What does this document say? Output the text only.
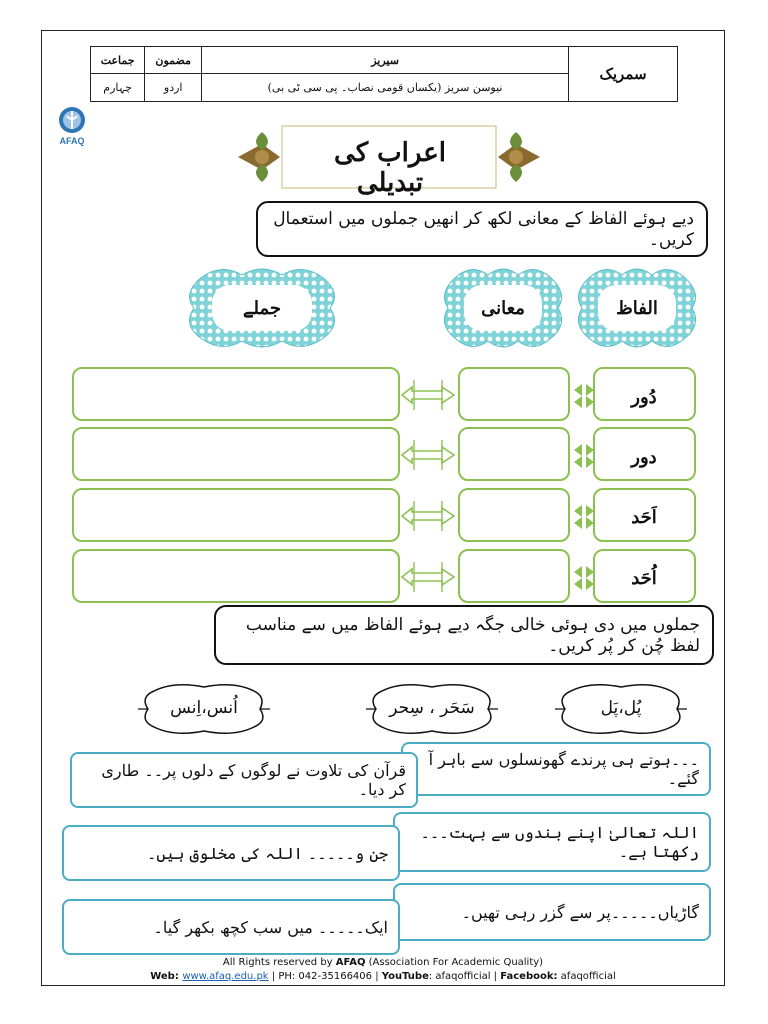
جماعت	مضمون	سیریز	سمریک
چہارم	اردو	نیوسن سریز (یکساں قومی نصاب۔ پی سی ٹی بی)	
AFAQ	اعراب کی تبدیلی
دیے ہوئے الفاظ کے معانی لکھ کر انھیں جملوں میں استعمال کریں۔
جملے	معانی	الفاظ
دُور
دور
اَحَد
اُحَد
جملوں میں دی ہوئی خالی جگہ دیے ہوئے الفاظ میں سے مناسب لفظ چُن کر پُر کریں۔
اُنس،اِنس	سَحَر ، سِحر	پُل،پَل
۔۔۔ہوتے ہی پرندے گھونسلوں سے باہر آ گئے۔
قرآن کی تلاوت نے لوگوں کے دلوں پر۔۔ طاری کر دیا۔
اللہ تعالیٰ اپنے بندوں سے بہت۔۔۔رکھتا ہے۔
جن و۔۔۔۔۔ اللہ کی مخلوق ہیں۔
گاڑیاں۔۔۔۔۔پر سے گزر رہی تھیں۔
ایک۔۔۔۔۔ میں سب کچھ بکھر گیا۔
All Rights reserved by AFAQ (Association For Academic Quality)
Web: www.afaq.edu.pk | PH: 042-35166406 | YouTube: afaqofficial | Facebook: afaqofficial
